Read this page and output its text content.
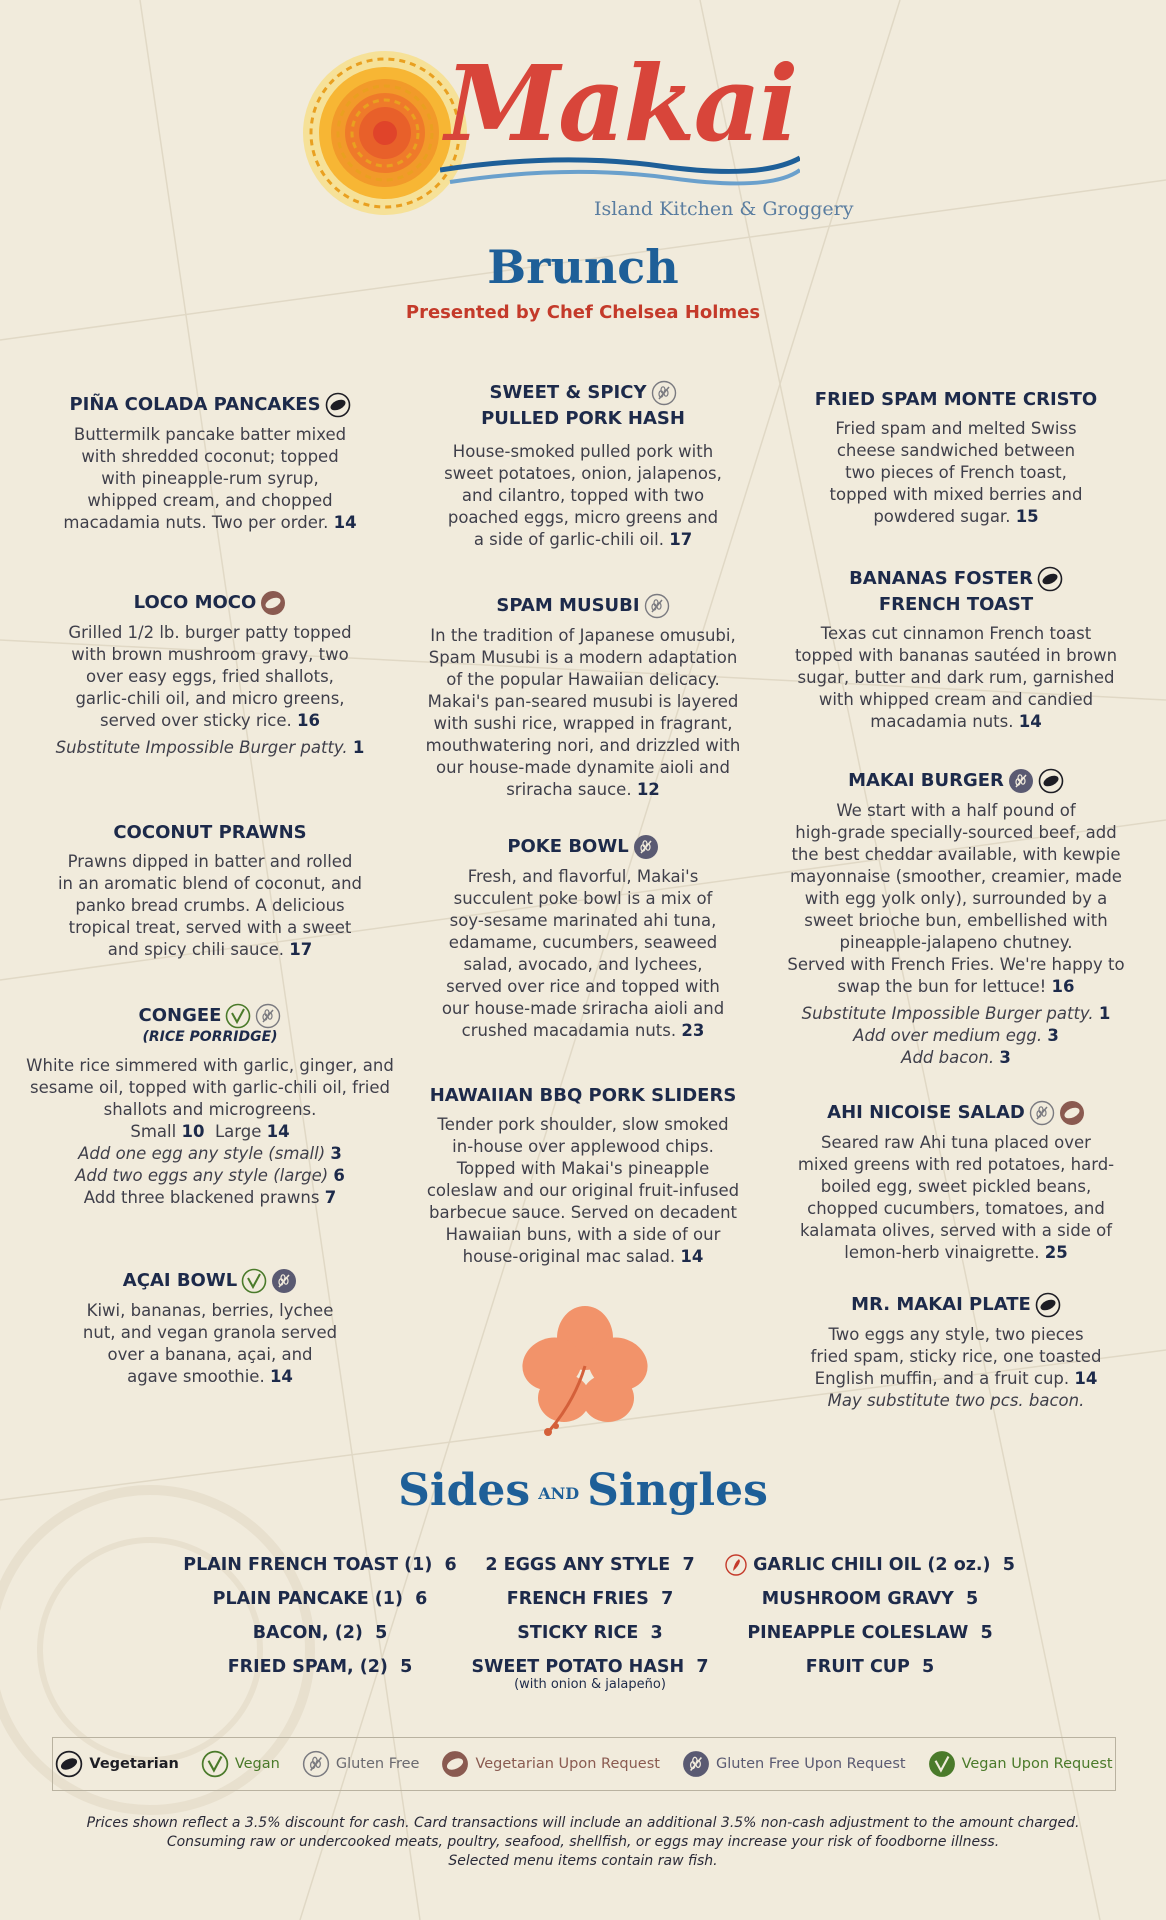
Makai
Island Kitchen & Groggery
Brunch
Presented by Chef Chelsea Holmes
PIÑA COLADA PANCAKES

Buttermilk pancake batter mixed
with shredded coconut; topped
with pineapple-rum syrup,
whipped cream, and chopped
macadamia nuts. Two per order. 14

LOCO MOCO

Grilled 1/2 lb. burger patty topped
with brown mushroom gravy, two
over easy eggs, fried shallots,
garlic-chili oil, and micro greens,
served over sticky rice. 16
Substitute Impossible Burger patty. 1

COCONUT PRAWNS

Prawns dipped in batter and rolled
in an aromatic blend of coconut, and
panko bread crumbs. A delicious
tropical treat, served with a sweet
and spicy chili sauce. 17

CONGEE
(RICE PORRIDGE)

White rice simmered with garlic, ginger, and
sesame oil, topped with garlic-chili oil, fried
shallots and microgreens.
Small 10 Large 14
Add one egg any style (small) 3
Add two eggs any style (large) 6
Add three blackened prawns 7

AÇAI BOWL

Kiwi, bananas, berries, lychee
nut, and vegan granola served
over a banana, açai, and
agave smoothie. 14

SWEET & SPICY
PULLED PORK HASH

House-smoked pulled pork with
sweet potatoes, onion, jalapenos,
and cilantro, topped with two
poached eggs, micro greens and
a side of garlic-chili oil. 17

SPAM MUSUBI

In the tradition of Japanese omusubi,
Spam Musubi is a modern adaptation
of the popular Hawaiian delicacy.
Makai's pan-seared musubi is layered
with sushi rice, wrapped in fragrant,
mouthwatering nori, and drizzled with
our house-made dynamite aioli and
sriracha sauce. 12

POKE BOWL

Fresh, and flavorful, Makai's
succulent poke bowl is a mix of
soy-sesame marinated ahi tuna,
edamame, cucumbers, seaweed
salad, avocado, and lychees,
served over rice and topped with
our house-made sriracha aioli and
crushed macadamia nuts. 23

HAWAIIAN BBQ PORK SLIDERS

Tender pork shoulder, slow smoked
in-house over applewood chips.
Topped with Makai's pineapple
coleslaw and our original fruit-infused
barbecue sauce. Served on decadent
Hawaiian buns, with a side of our
house-original mac salad. 14

FRIED SPAM MONTE CRISTO

Fried spam and melted Swiss
cheese sandwiched between
two pieces of French toast,
topped with mixed berries and
powdered sugar. 15

BANANAS FOSTER
FRENCH TOAST

Texas cut cinnamon French toast
topped with bananas sautéed in brown
sugar, butter and dark rum, garnished
with whipped cream and candied
macadamia nuts. 14

MAKAI BURGER

We start with a half pound of
high-grade specially-sourced beef, add
the best cheddar available, with kewpie
mayonnaise (smoother, creamier, made
with egg yolk only), surrounded by a
sweet brioche bun, embellished with
pineapple-jalapeno chutney.
Served with French Fries. We're happy to
swap the bun for lettuce! 16
Substitute Impossible Burger patty. 1
Add over medium egg. 3
Add bacon. 3

AHI NICOISE SALAD

Seared raw Ahi tuna placed over
mixed greens with red potatoes, hard-
boiled egg, sweet pickled beans,
chopped cucumbers, tomatoes, and
kalamata olives, served with a side of
lemon-herb vinaigrette. 25

MR. MAKAI PLATE

Two eggs any style, two pieces
fried spam, sticky rice, one toasted
English muffin, and a fruit cup. 14
May substitute two pcs. bacon.

Sides AND Singles
PLAIN FRENCH TOAST (1) 6
PLAIN PANCAKE (1) 6
BACON, (2) 5
FRIED SPAM, (2) 5
2 EGGS ANY STYLE 7
FRENCH FRIES 7
STICKY RICE 3
SWEET POTATO HASH 7
(with onion & jalapeño)
GARLIC CHILI OIL (2 oz.) 5
MUSHROOM GRAVY 5
PINEAPPLE COLESLAW 5
FRUIT CUP 5
Vegetarian	Vegan	Gluten Free	Vegetarian Upon Request	Gluten Free Upon Request	Vegan Upon Request
Prices shown reflect a 3.5% discount for cash. Card transactions will include an additional 3.5% non-cash adjustment to the amount charged.
Consuming raw or undercooked meats, poultry, seafood, shellfish, or eggs may increase your risk of foodborne illness.
Selected menu items contain raw fish.
